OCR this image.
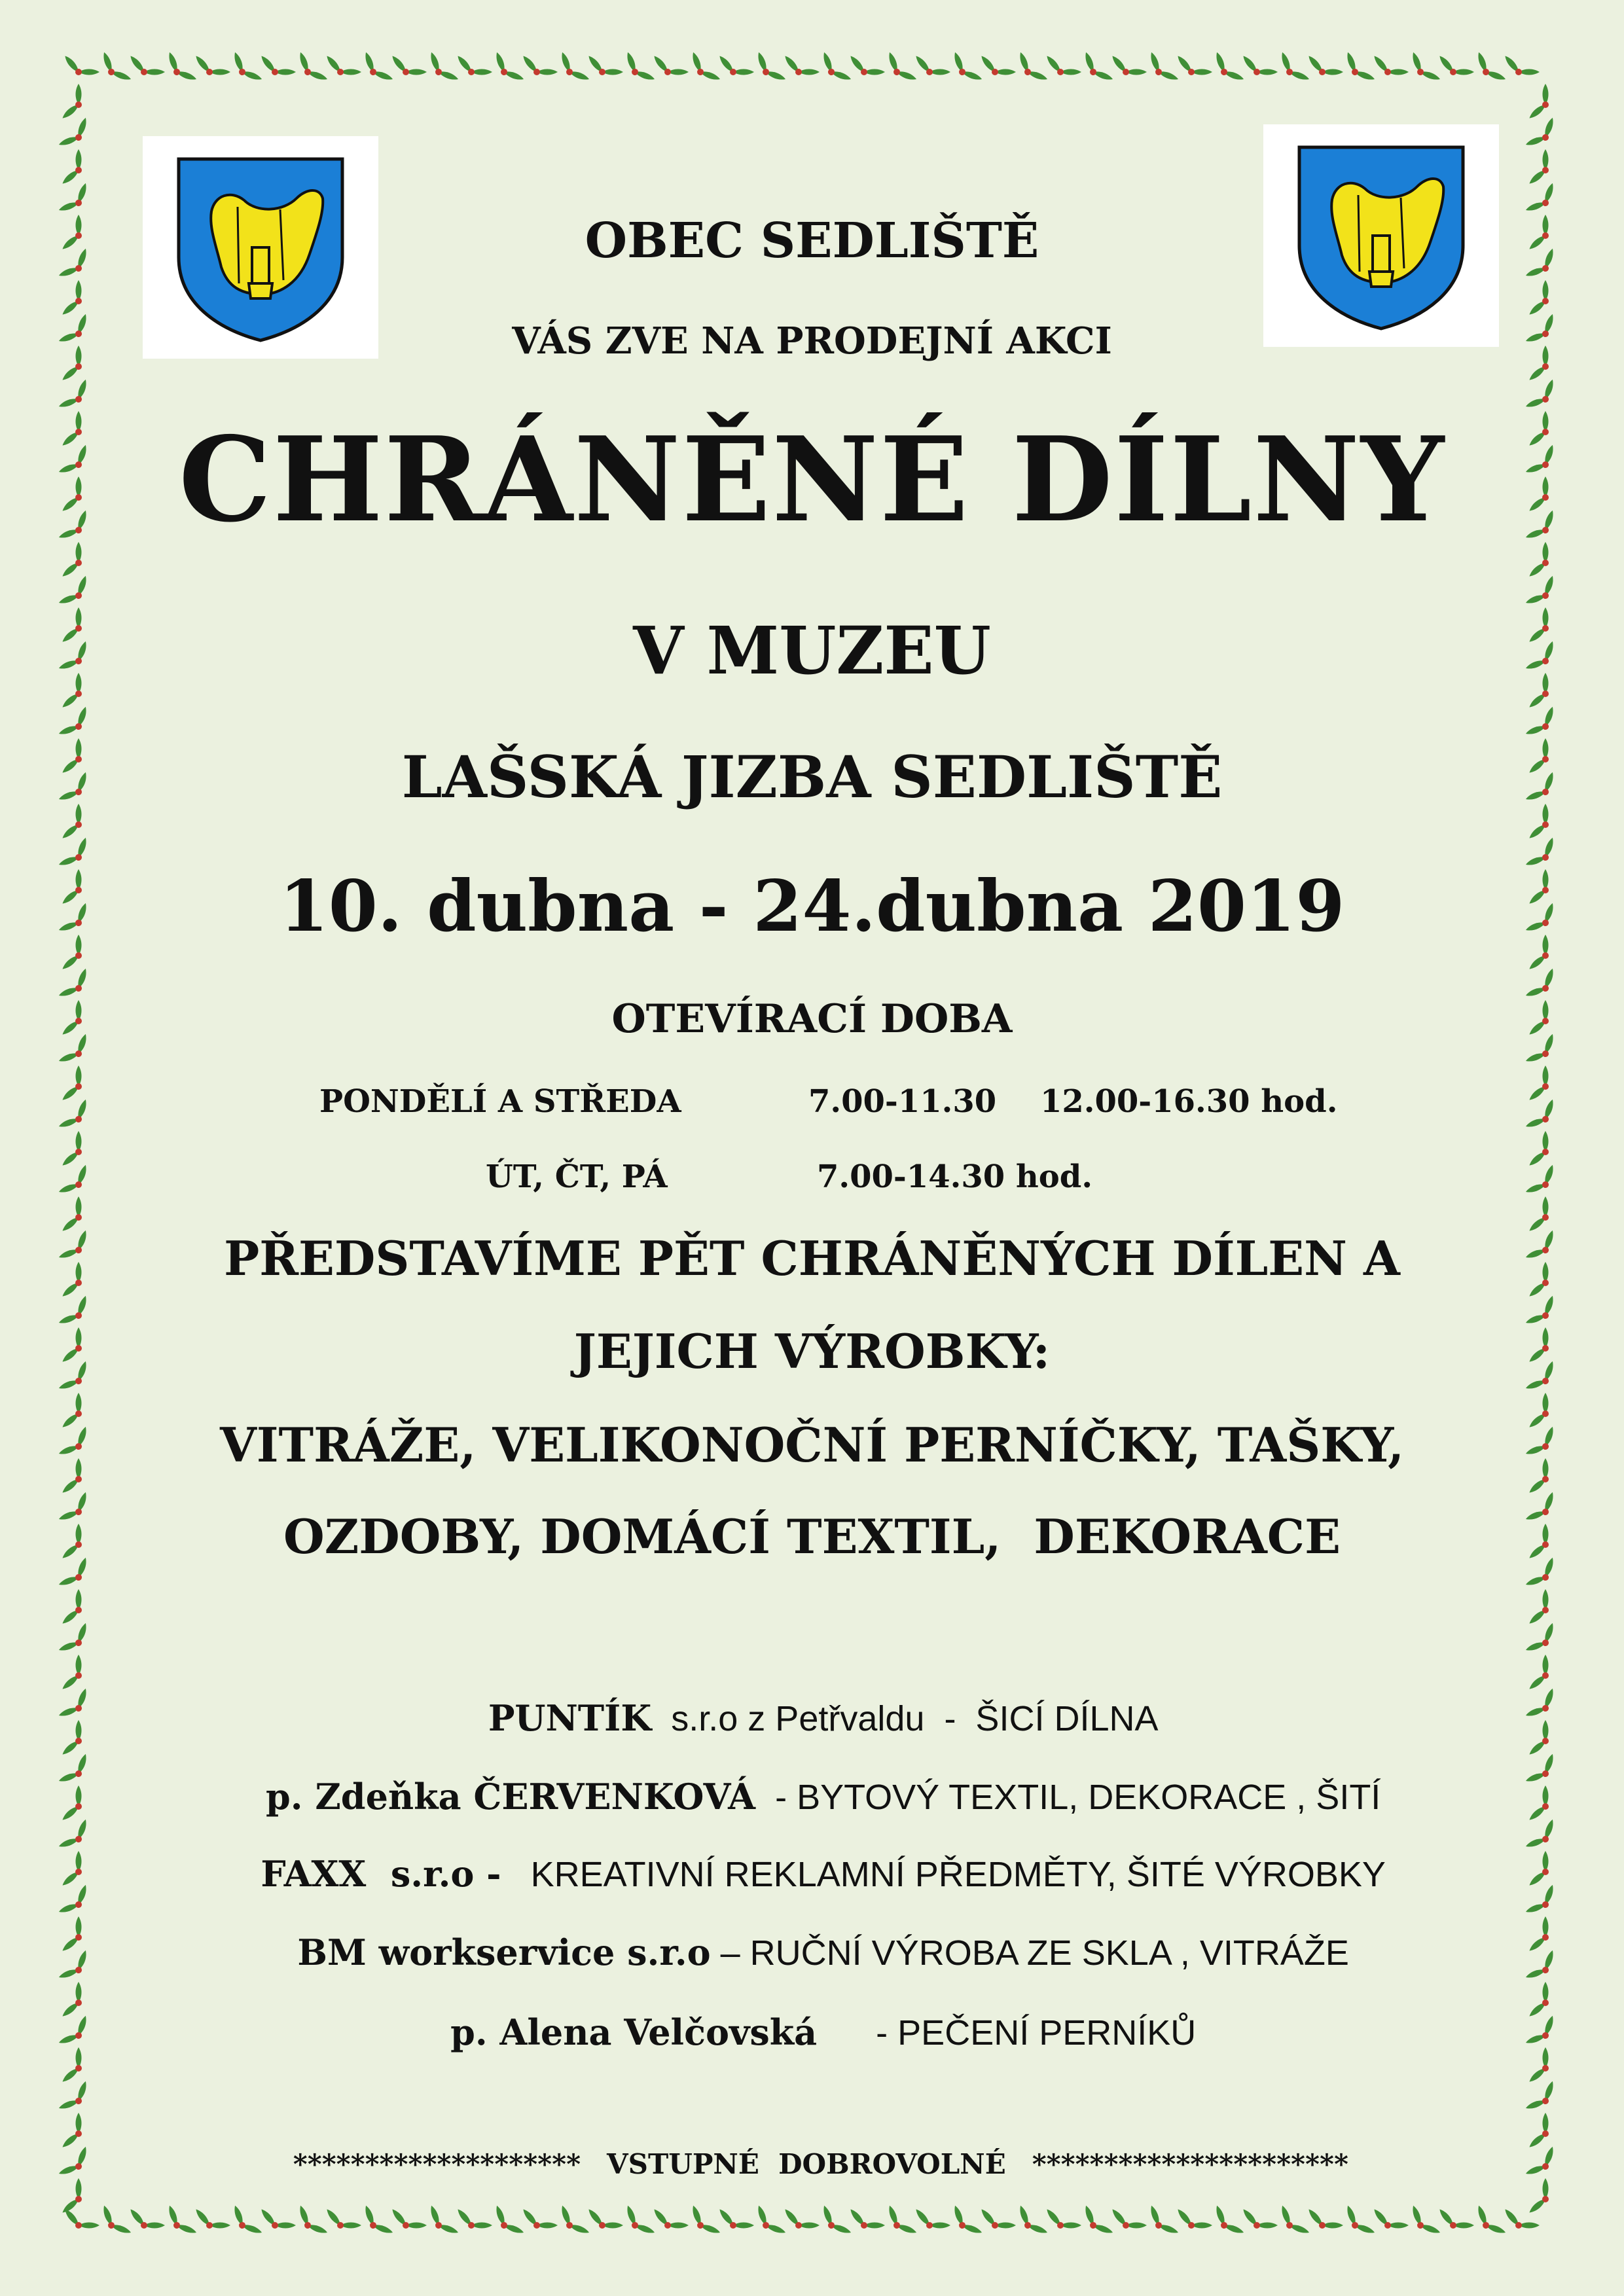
OBEC SEDLIŠTĚ
VÁS ZVE NA PRODEJNÍ AKCI
CHRÁNĚNÉ DÍLNY
V MUZEU
LAŠSKÁ JIZBA SEDLIŠTĚ
10. dubna - 24.dubna 2019
OTEVÍRACÍ DOBA
PONDĚLÍ A STŘEDA	7.00-11.30    12.00-16.30 hod.
ÚT, ČT, PÁ	7.00-14.30 hod.
PŘEDSTAVÍME PĚT CHRÁNĚNÝCH DÍLEN A
JEJICH VÝROBKY:
VITRÁŽE, VELIKONOČNÍ PERNÍČKY, TAŠKY,
OZDOBY, DOMÁCÍ TEXTIL,  DEKORACE

PUNTÍK  s.r.o z Petřvaldu  -  ŠICÍ DÍLNA

p. Zdeňka ČERVENKOVÁ  - BYTOVÝ TEXTIL, DEKORACE , ŠITÍ

FAXX  s.r.o -   KREATIVNÍ REKLAMNÍ PŘEDMĚTY, ŠITÉ VÝROBKY

BM workservice s.r.o – RUČNÍ VÝROBA ZE SKLA , VITRÁŽE

p. Alena Velčovská      - PEČENÍ PERNÍKŮ

******************** VSTUPNÉ  DOBROVOLNÉ **********************
